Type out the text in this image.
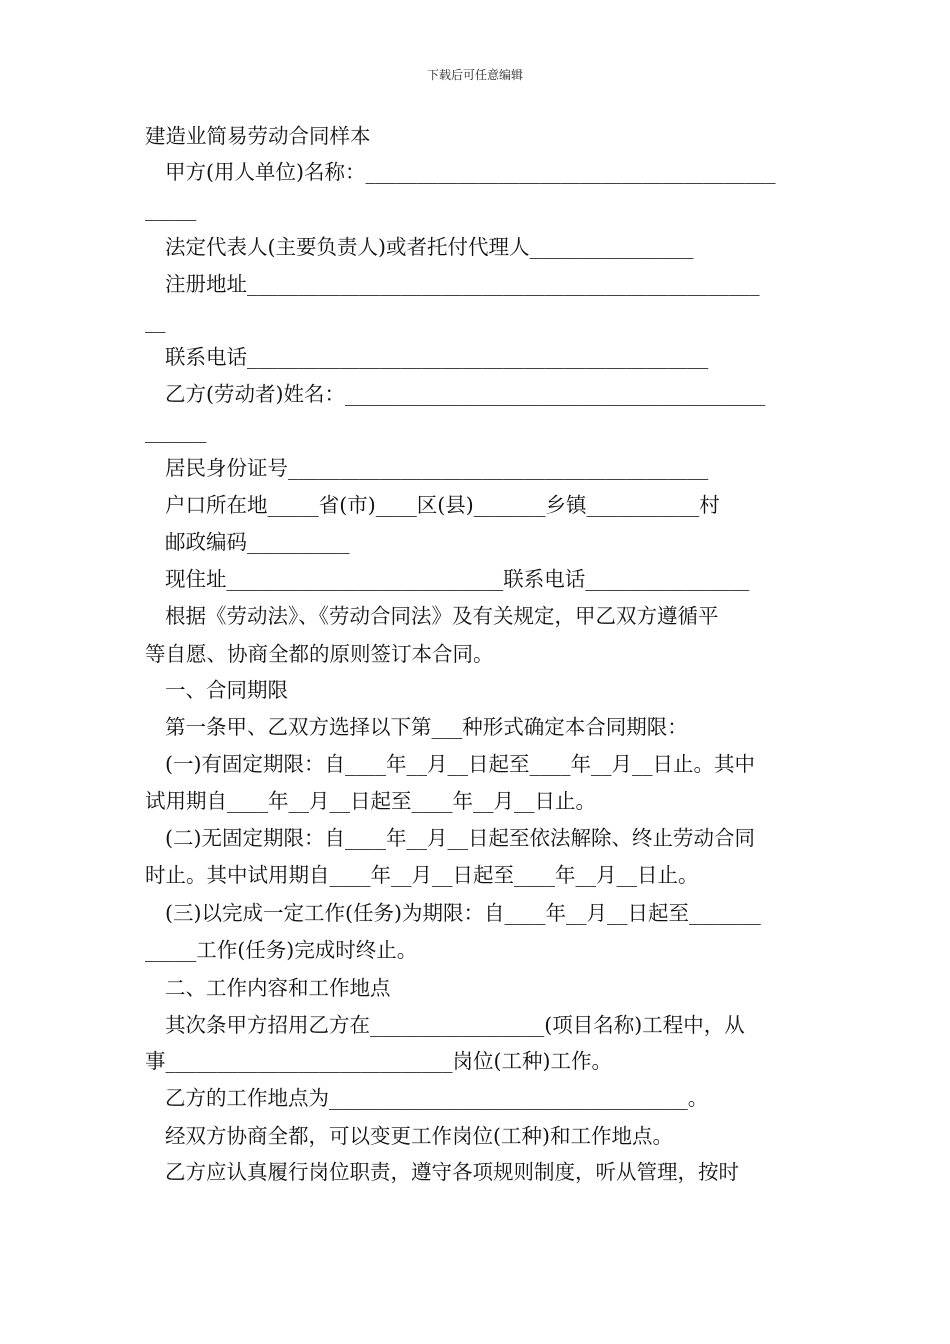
下载后可任意编辑
建造业简易劳动合同样本
甲方(用人单位)名称：________________________________________
_____
法定代表人(主要负责人)或者托付代理人________________
注册地址__________________________________________________
__
联系电话_____________________________________________
乙方(劳动者)姓名：_________________________________________
______
居民身份证号_________________________________________
户口所在地_____省(市)____区(县)_______乡镇___________村
邮政编码__________
现住址___________________________联系电话________________
根据《劳动法》、《劳动合同法》及有关规定，甲乙双方遵循平
等自愿、协商全都的原则签订本合同。
一、合同期限
第一条甲、乙双方选择以下第___种形式确定本合同期限：
(一)有固定期限：自____年__月__日起至____年__月__日止。其中
试用期自____年__月__日起至____年__月__日止。
(二)无固定期限：自____年__月__日起至依法解除、终止劳动合同
时止。其中试用期自____年__月__日起至____年__月__日止。
(三)以完成一定工作(任务)为期限：自____年__月__日起至_______
_____工作(任务)完成时终止。
二、工作内容和工作地点
其次条甲方招用乙方在_________________(项目名称)工程中，从
事____________________________岗位(工种)工作。
乙方的工作地点为___________________________________。
经双方协商全都，可以变更工作岗位(工种)和工作地点。
乙方应认真履行岗位职责，遵守各项规则制度，听从管理，按时
